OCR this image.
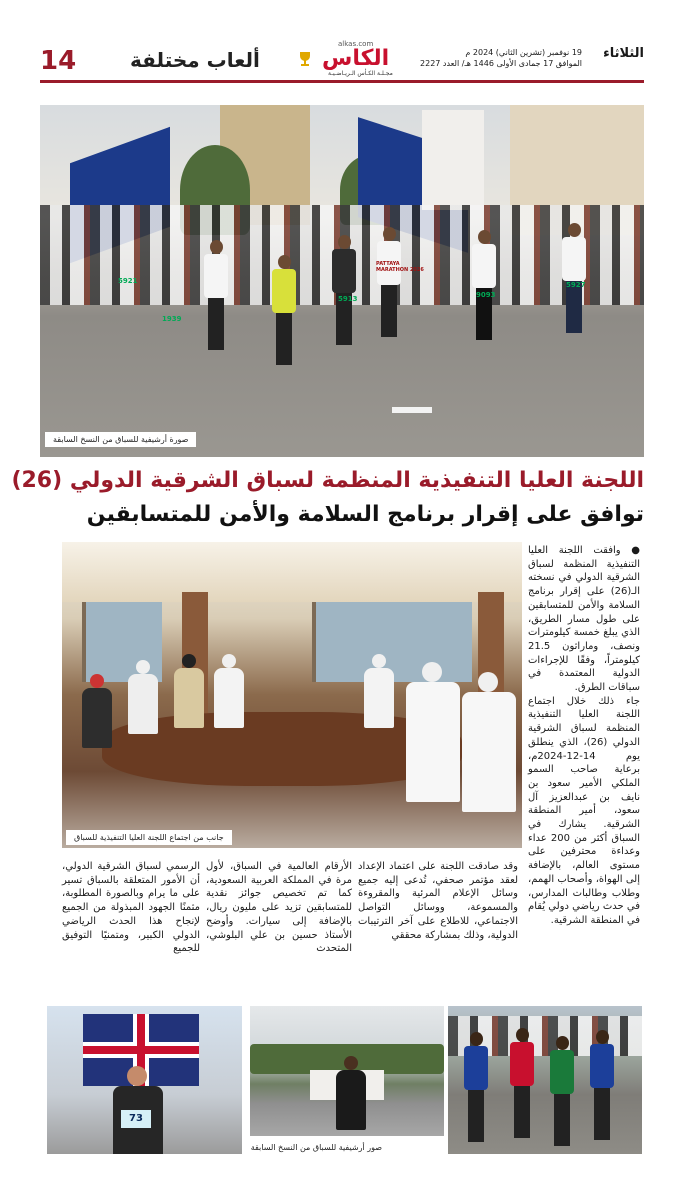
الثلاثاء
19 نوفمبر (تشرين الثاني) 2024 م
الموافق 17 جمادى الأولى 1446 هـ/ العدد 2227
alkas.com
الكاس
مجـلـة الكـأس الـريـاضـيـة
ألعاب مختلفة
14
5921
1939
5913	9093
5927
PATTAYA MARATHON 2026
صورة أرشيفية للسباق من النسخ السابقة
اللجنة العليا التنفيذية المنظمة لسباق الشرقية الدولي (26)
توافق على إقرار برنامج السلامة والأمن للمتسابقين
جانب من اجتماع اللجنة العليا التنفيذية للسباق

● وافقت اللجنة العليا التنفيذية المنظمة لسباق الشرقية الدولي في نسخته الـ(26) على إقرار برنامج السلامة والأمن للمتسابقين على طول مسار الطريق، الذي يبلغ خمسة كيلومترات ونصف، وماراثون 21.5 كيلومتراً، وفقًا للإجراءات الدولية المعتمدة في سباقات الطرق.

جاء ذلك خلال اجتماع اللجنة العليا التنفيذية المنظمة لسباق الشرقية الدولي (26)، الذي ينطلق يوم 14-12-2024م، برعاية صاحب السمو الملكي الأمير سعود بن نايف بن عبدالعزيز آل سعود، أمير المنطقة الشرقية. يشارك في السباق أكثر من 200 عداء وعداءة محترفين على مستوى العالم، بالإضافة إلى الهواة، وأصحاب الهمم، وطلاب وطالبات المدارس، في حدث رياضي دولي يُقام في المنطقة الشرقية.

وقد صادقت اللجنة على اعتماد الإعداد لعقد مؤتمر صحفي، تُدعى إليه جميع وسائل الإعلام المرئية والمقروءة والمسموعة، ووسائل التواصل الاجتماعي، للاطلاع على آخر الترتيبات الدولية، وذلك بمشاركة محققي

الأرقام العالمية في السباق، لأول مرة في المملكة العربية السعودية، كما تم تخصيص جوائز نقدية للمتسابقين تزيد على مليون ريال، بالإضافة إلى سيارات. وأوضح الأستاذ حسين بن علي البلوشي، المتحدث

الرسمي لسباق الشرقية الدولي، أن الأمور المتعلقة بالسباق تسير على ما يرام وبالصورة المطلوبة، مثمنًا الجهود المبذولة من الجميع لإنجاح هذا الحدث الرياضي الدولي الكبير، ومتمنيًا التوفيق للجميع

73
صور أرشيفية للسباق من النسخ السابقة
